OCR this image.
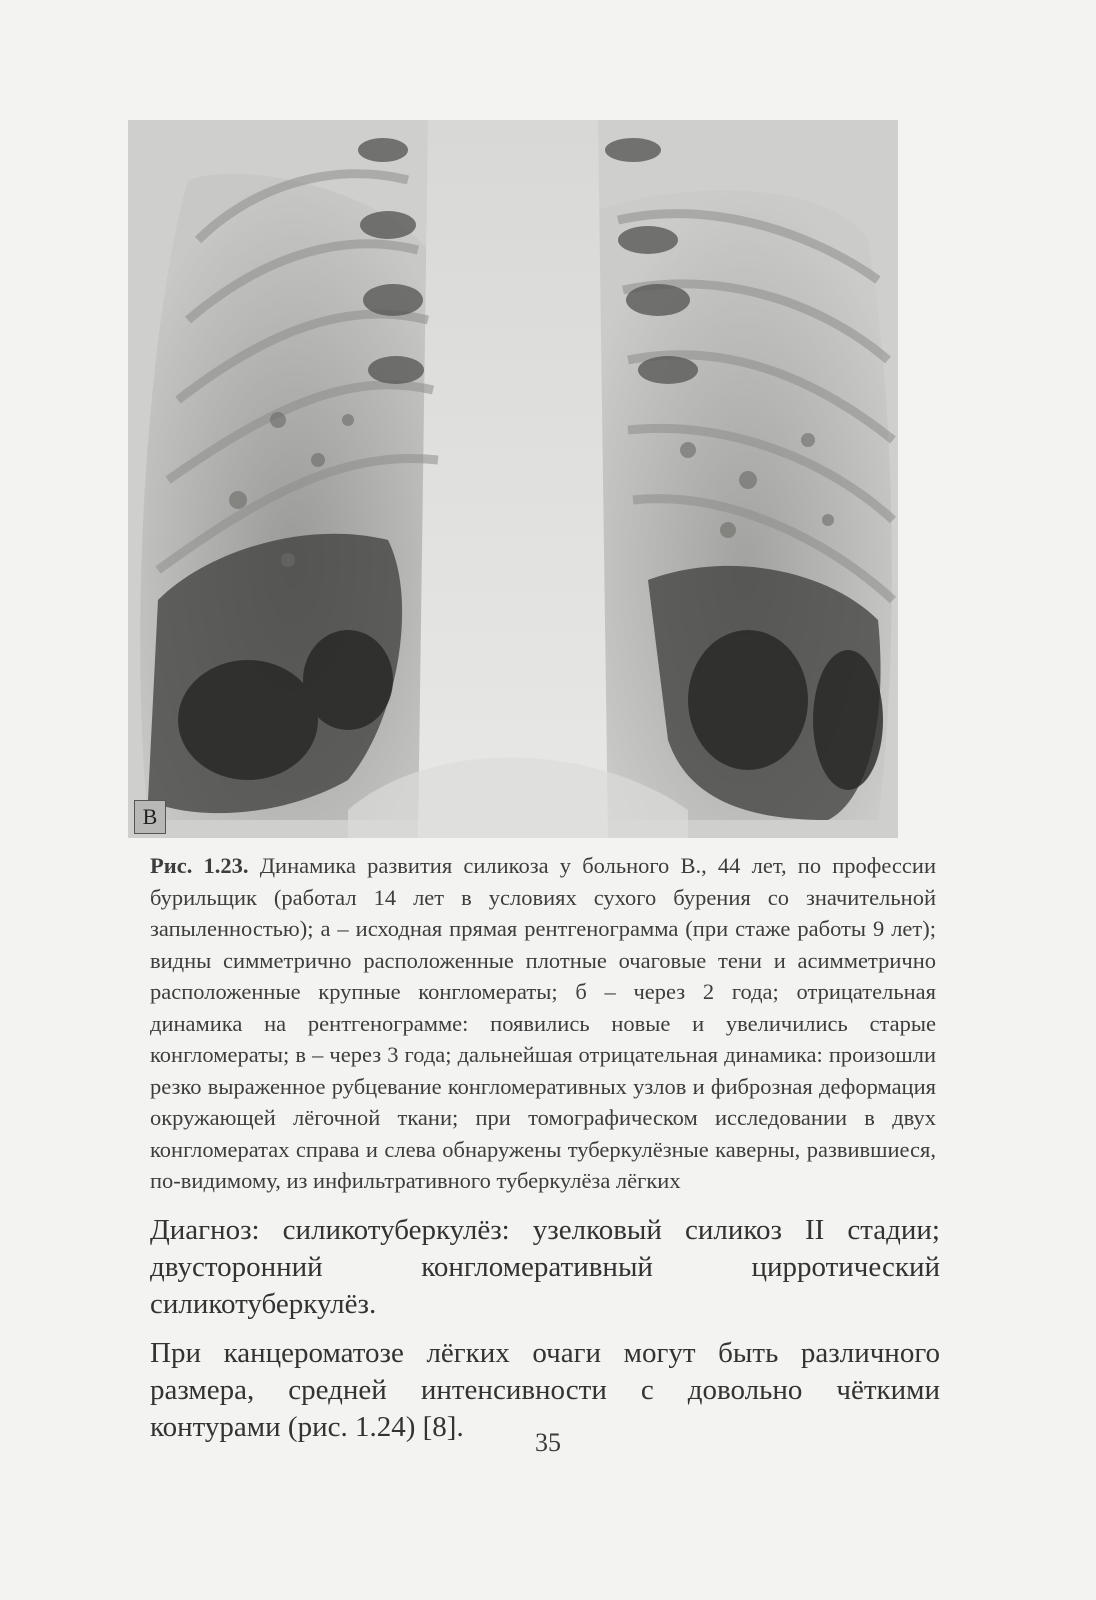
В
Рис. 1.23. Динамика развития силикоза у больного В., 44 лет, по профессии бурильщик (работал 14 лет в условиях сухого бурения со значительной запыленностью); а – исходная прямая рентгенограмма (при стаже работы 9 лет); видны симметрично расположенные плотные очаговые тени и асимметрично расположенные крупные конгломераты; б – через 2 года; отрицательная динамика на рентгенограмме: появились новые и увеличились старые конгломераты; в – через 3 года; дальнейшая отрицательная динамика: произошли резко выраженное рубцевание конгломеративных узлов и фиброзная деформация окружающей лёгочной ткани; при томографическом исследовании в двух конгломератах справа и слева обнаружены туберкулёзные каверны, развившиеся, по-видимому, из инфильтративного туберкулёза лёгких

Диагноз: силикотуберкулёз: узелковый силикоз II стадии; двусторонний конгломеративный цирротический силикотуберкулёз.

При канцероматозе лёгких очаги могут быть различного размера, средней интенсивности с довольно чёткими контурами (рис. 1.24) [8].	35
